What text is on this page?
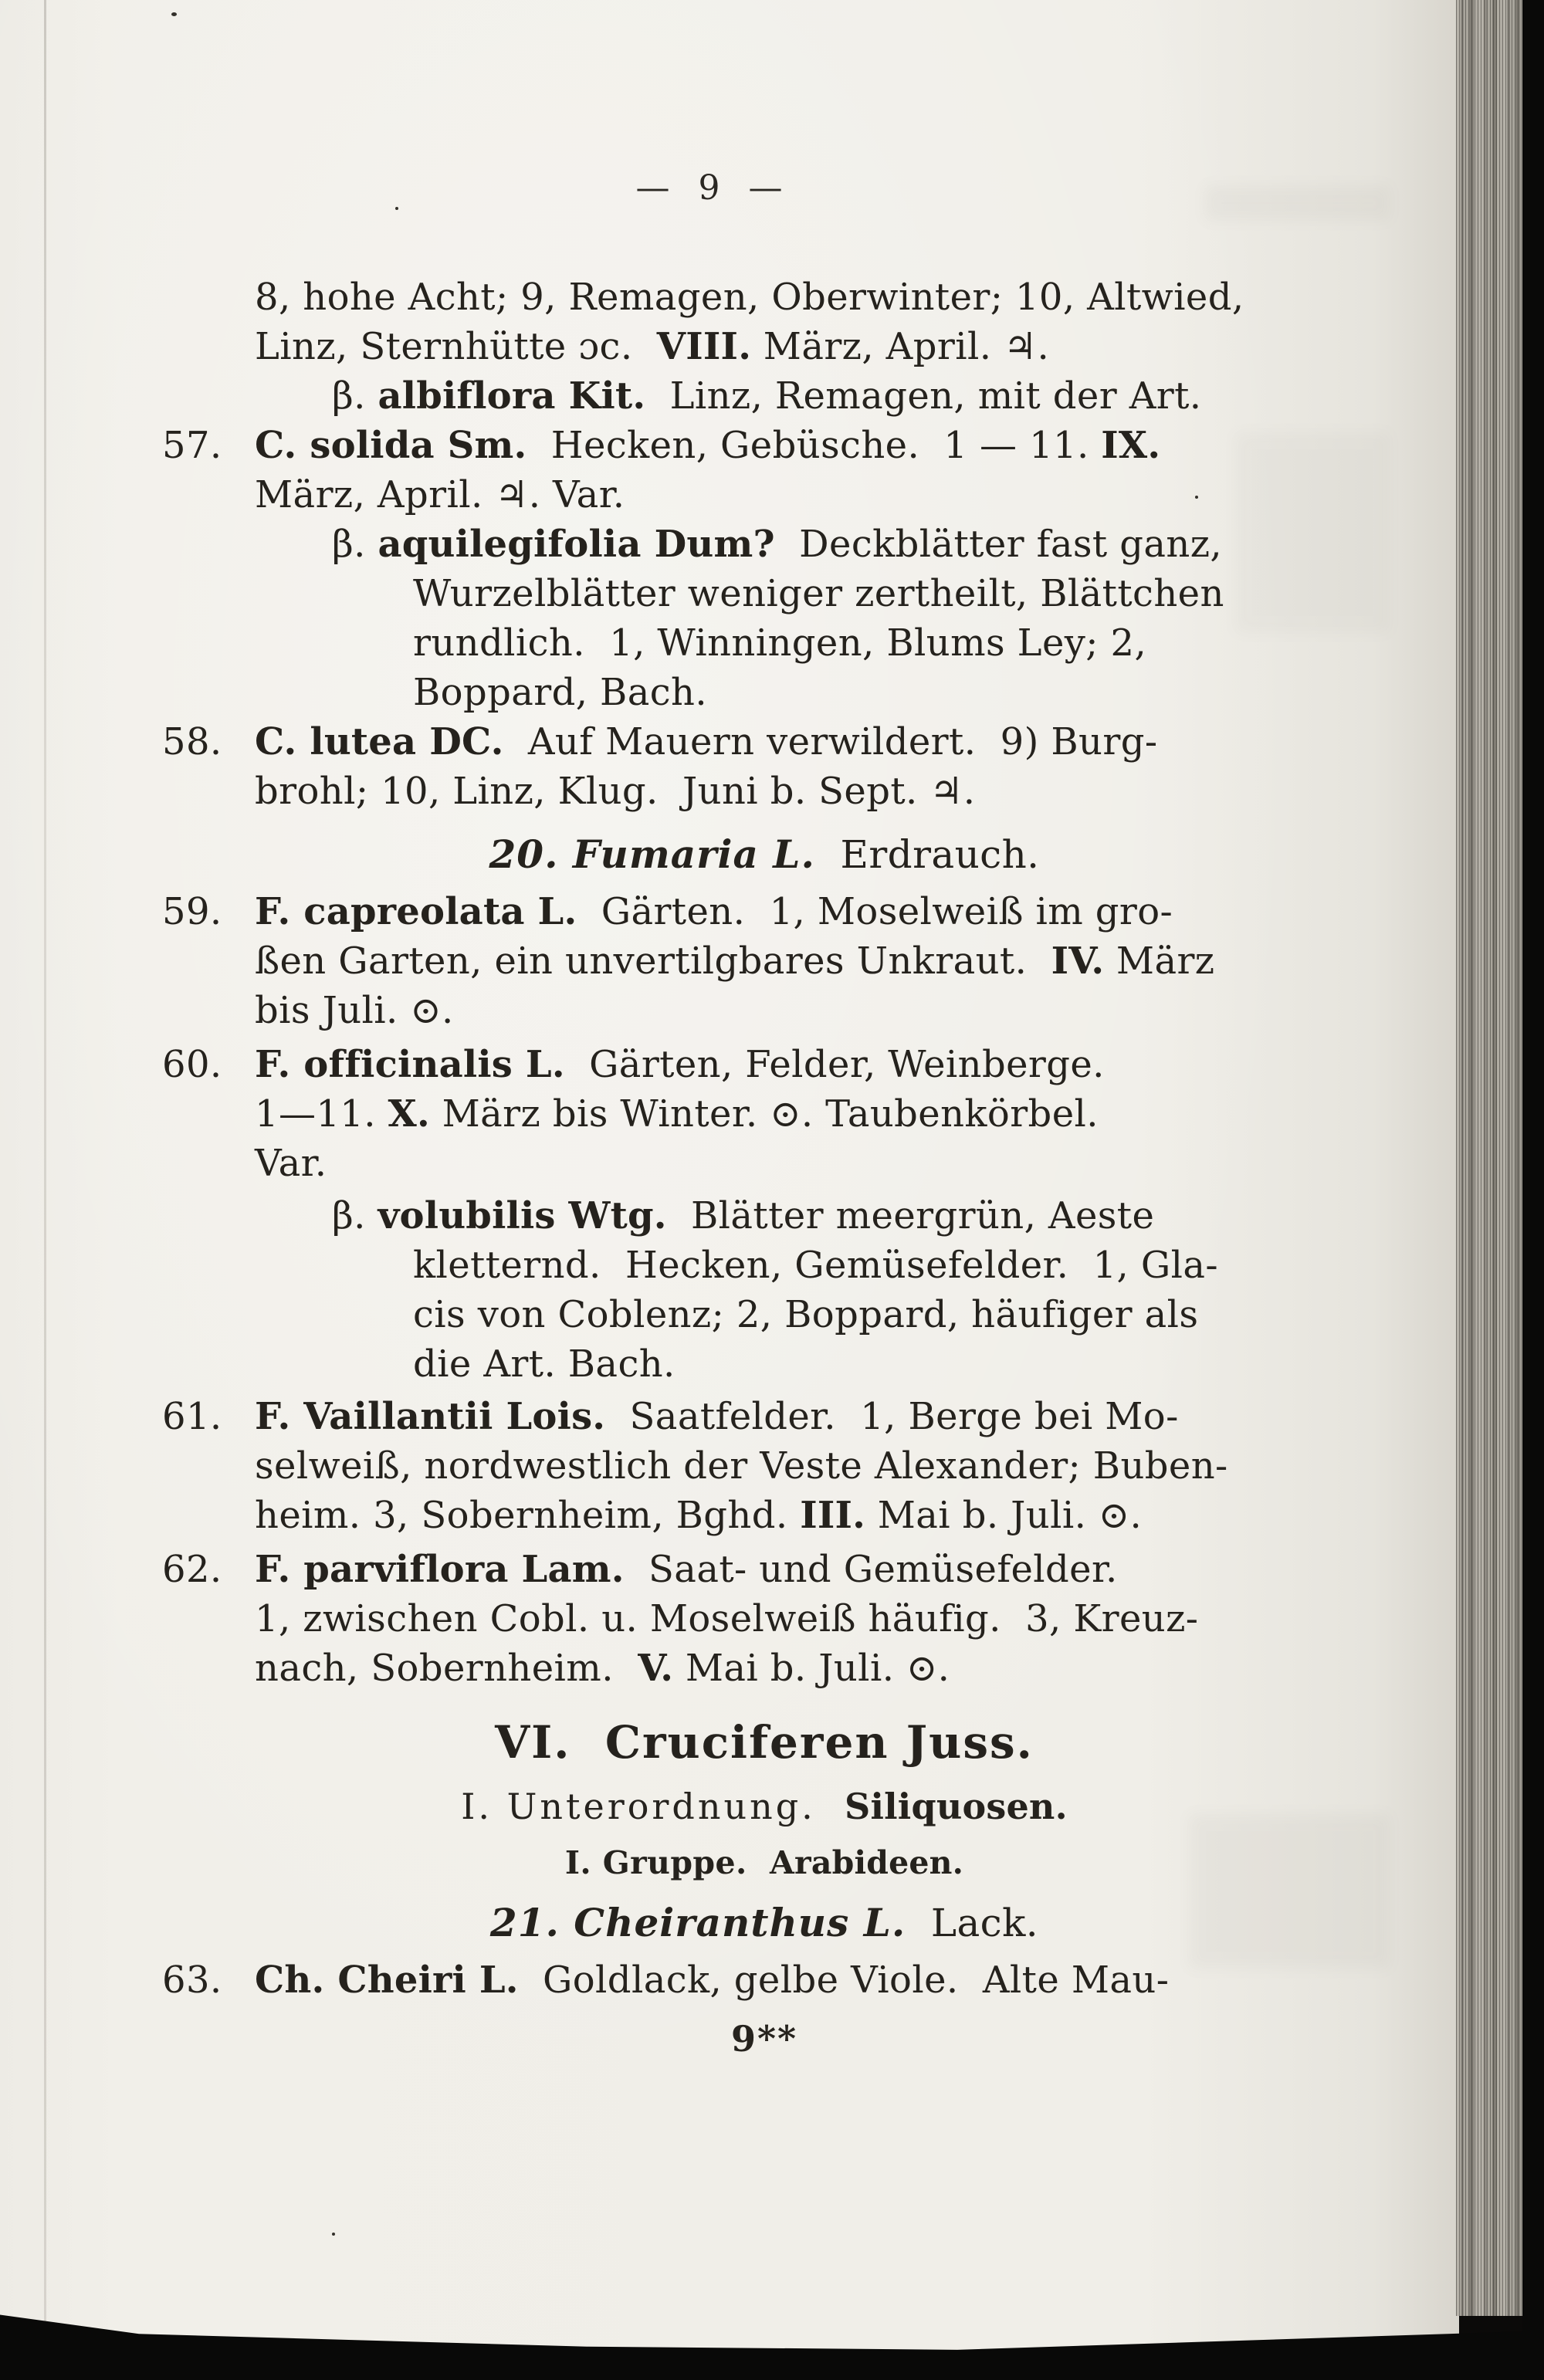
—  9  —
8, hohe Acht; 9, Remagen, Oberwinter; 10, Altwied,
Linz, Sternhütte ɔc.  VIII. März, April. ♃.
β. albiflora Kit.  Linz, Remagen, mit der Art.
57. C. solida Sm.  Hecken, Gebüsche.  1 — 11. IX.
März, April. ♃. Var.
β. aquilegifolia Dum?  Deckblätter fast ganz,
Wurzelblätter weniger zertheilt, Blättchen
rundlich.  1, Winningen, Blums Ley; 2,
Boppard, Bach.
58. C. lutea DC.  Auf Mauern verwildert.  9) Burg-
brohl; 10, Linz, Klug.  Juni b. Sept. ♃.
20. Fumaria L.  Erdrauch.
59. F. capreolata L.  Gärten.  1, Moselweiß im gro-
ßen Garten, ein unvertilgbares Unkraut.  IV. März
bis Juli. ⊙.
60. F. officinalis L.  Gärten, Felder, Weinberge.
1—11. X. März bis Winter. ⊙. Taubenkörbel.
Var.
β. volubilis Wtg.  Blätter meergrün, Aeste
kletternd.  Hecken, Gemüsefelder.  1, Gla-
cis von Coblenz; 2, Boppard, häufiger als
die Art. Bach.
61. F. Vaillantii Lois.  Saatfelder.  1, Berge bei Mo-
selweiß, nordwestlich der Veste Alexander; Buben-
heim. 3, Sobernheim, Bghd. III. Mai b. Juli. ⊙.
62. F. parviflora Lam.  Saat- und Gemüsefelder.
1, zwischen Cobl. u. Moselweiß häufig.  3, Kreuz-
nach, Sobernheim.  V. Mai b. Juli. ⊙.
VI.  Cruciferen Juss.
I. Unterordnung.  Siliquosen.
I. Gruppe.  Arabideen.
21. Cheiranthus L.  Lack.
63. Ch. Cheiri L.  Goldlack, gelbe Viole.  Alte Mau-
9**
